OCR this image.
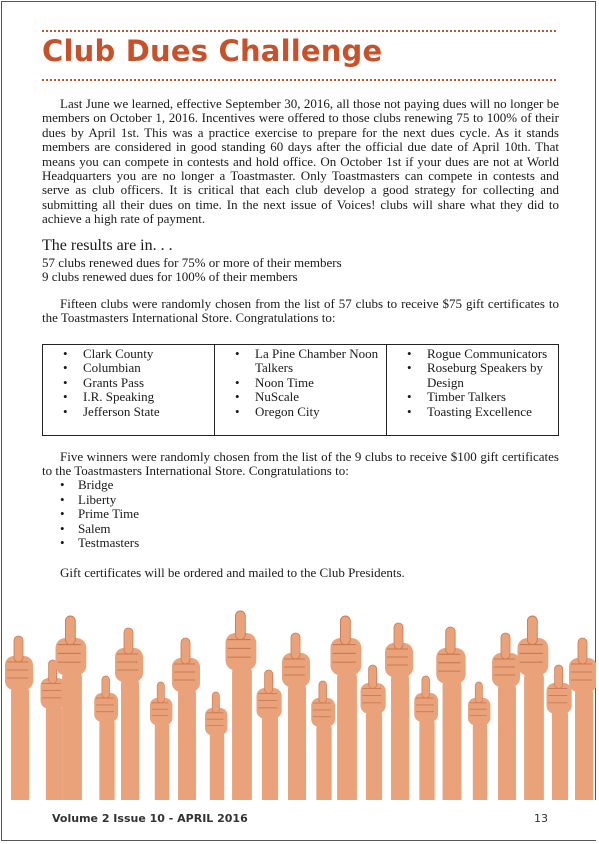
Club Dues Challenge

Last June we learned, effective September 30, 2016, all those not paying dues will no longer be members on October 1, 2016. Incentives were offered to those clubs renewing 75 to 100% of their dues by April 1st. This was a practice exercise to prepare for the next dues cycle. As it stands members are considered in good standing 60 days after the official due date of April 10th. That means you can compete in contests and hold office. On October 1st if your dues are not at World Headquarters you are no longer a Toastmaster. Only Toastmasters can compete in contests and serve as club officers. It is critical that each club develop a good strategy for collecting and submitting all their dues on time. In the next issue of Voices! clubs will share what they did to achieve a high rate of payment.

The results are in. . .

57 clubs renewed dues for 75% or more of their members

9 clubs renewed dues for 100% of their members

Fifteen clubs were randomly chosen from the list of 57 clubs to receive $75 gift certificates to the Toastmasters International Store. Congratulations to:

• Clark County
• Columbian
• Grants Pass
• I.R. Speaking
• Jefferson State

• La Pine Chamber Noon Talkers
• Noon Time
• NuScale
• Oregon City

• Rogue Communicators
• Roseburg Speakers by Design
• Timber Talkers
• Toasting Excellence

Five winners were randomly chosen from the list of the 9 clubs to receive $100 gift certificates to the Toastmasters International Store. Congratulations to:

• Bridge
• Liberty
• Prime Time
• Salem
• Testmasters

Gift certificates will be ordered and mailed to the Club Presidents.

Volume 2 Issue 10 - APRIL 2016	13
